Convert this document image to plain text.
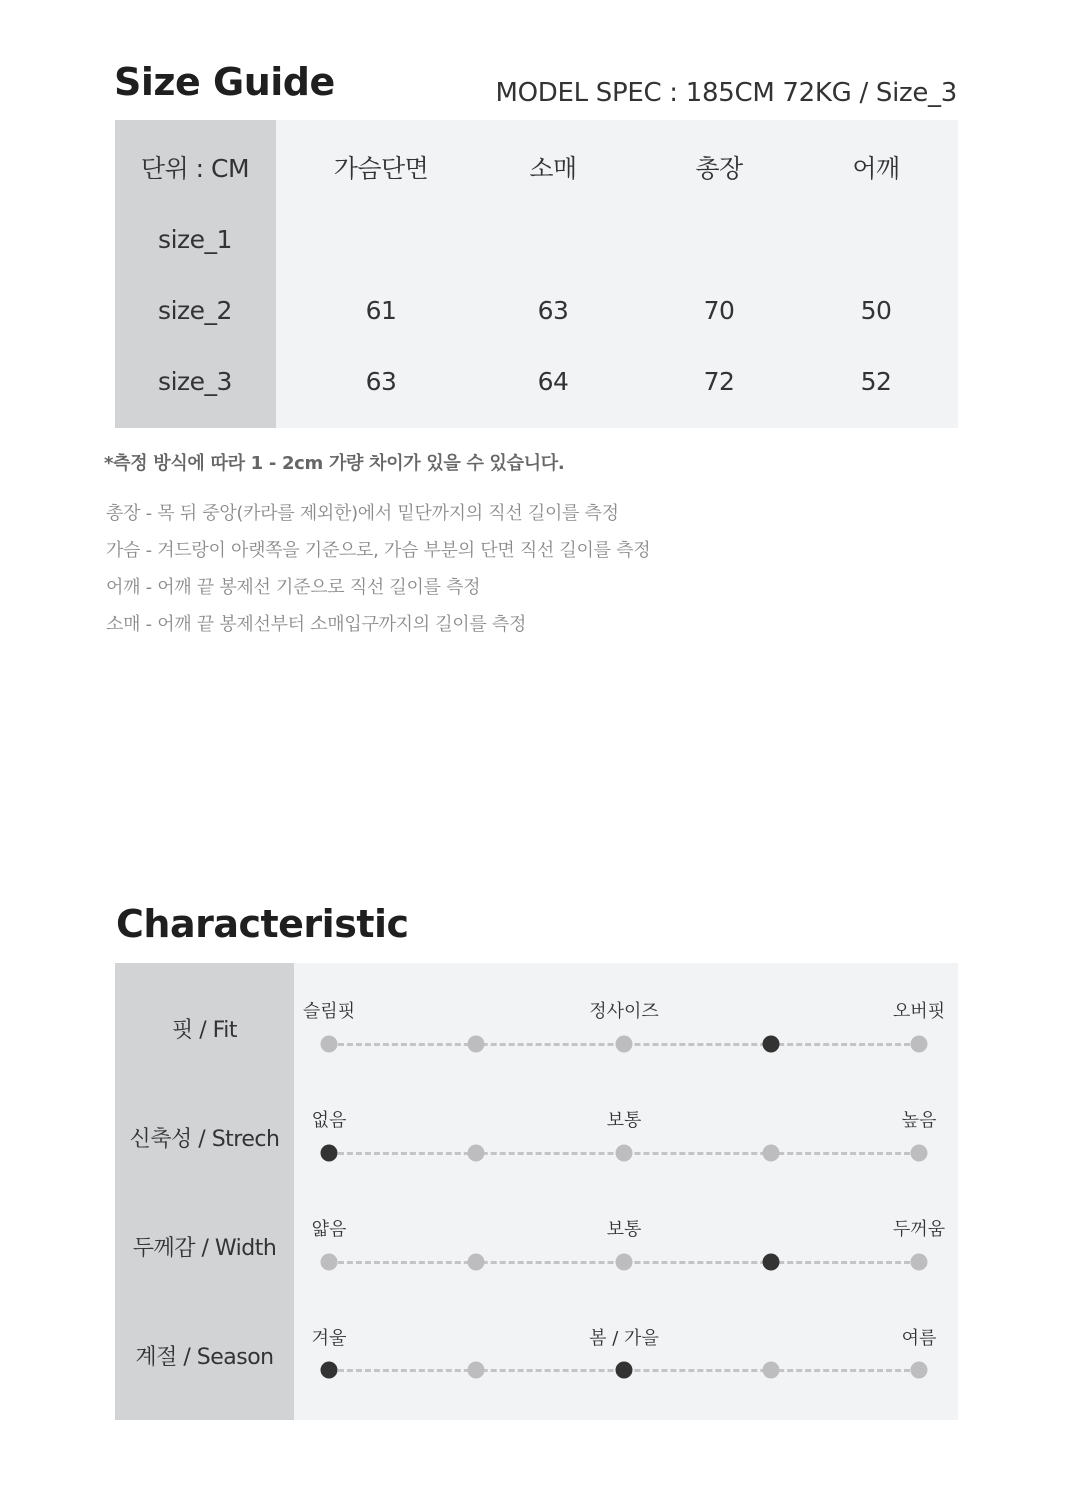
Size Guide	MODEL SPEC : 185CM 72KG / Size_3
단위 : CM	가슴단면	소매	총장	어깨
size_1
size_2	61	63	70	50
size_3	63	64	72	52
*측정 방식에 따라 1 - 2cm 가량 차이가 있을 수 있습니다.
총장 - 목 뒤 중앙(카라를 제외한)에서 밑단까지의 직선 길이를 측정
가슴 - 겨드랑이 아랫쪽을 기준으로, 가슴 부분의 단면 직선 길이를 측정
어깨 - 어깨 끝 봉제선 기준으로 직선 길이를 측정
소매 - 어깨 끝 봉제선부터 소매입구까지의 길이를 측정
Characteristic
핏 / Fit
슬림핏	정사이즈	오버핏
신축성 / Strech
없음	보통	높음
두께감 / Width
얇음	보통	두꺼움
계절 / Season
겨울	봄 / 가을	여름
